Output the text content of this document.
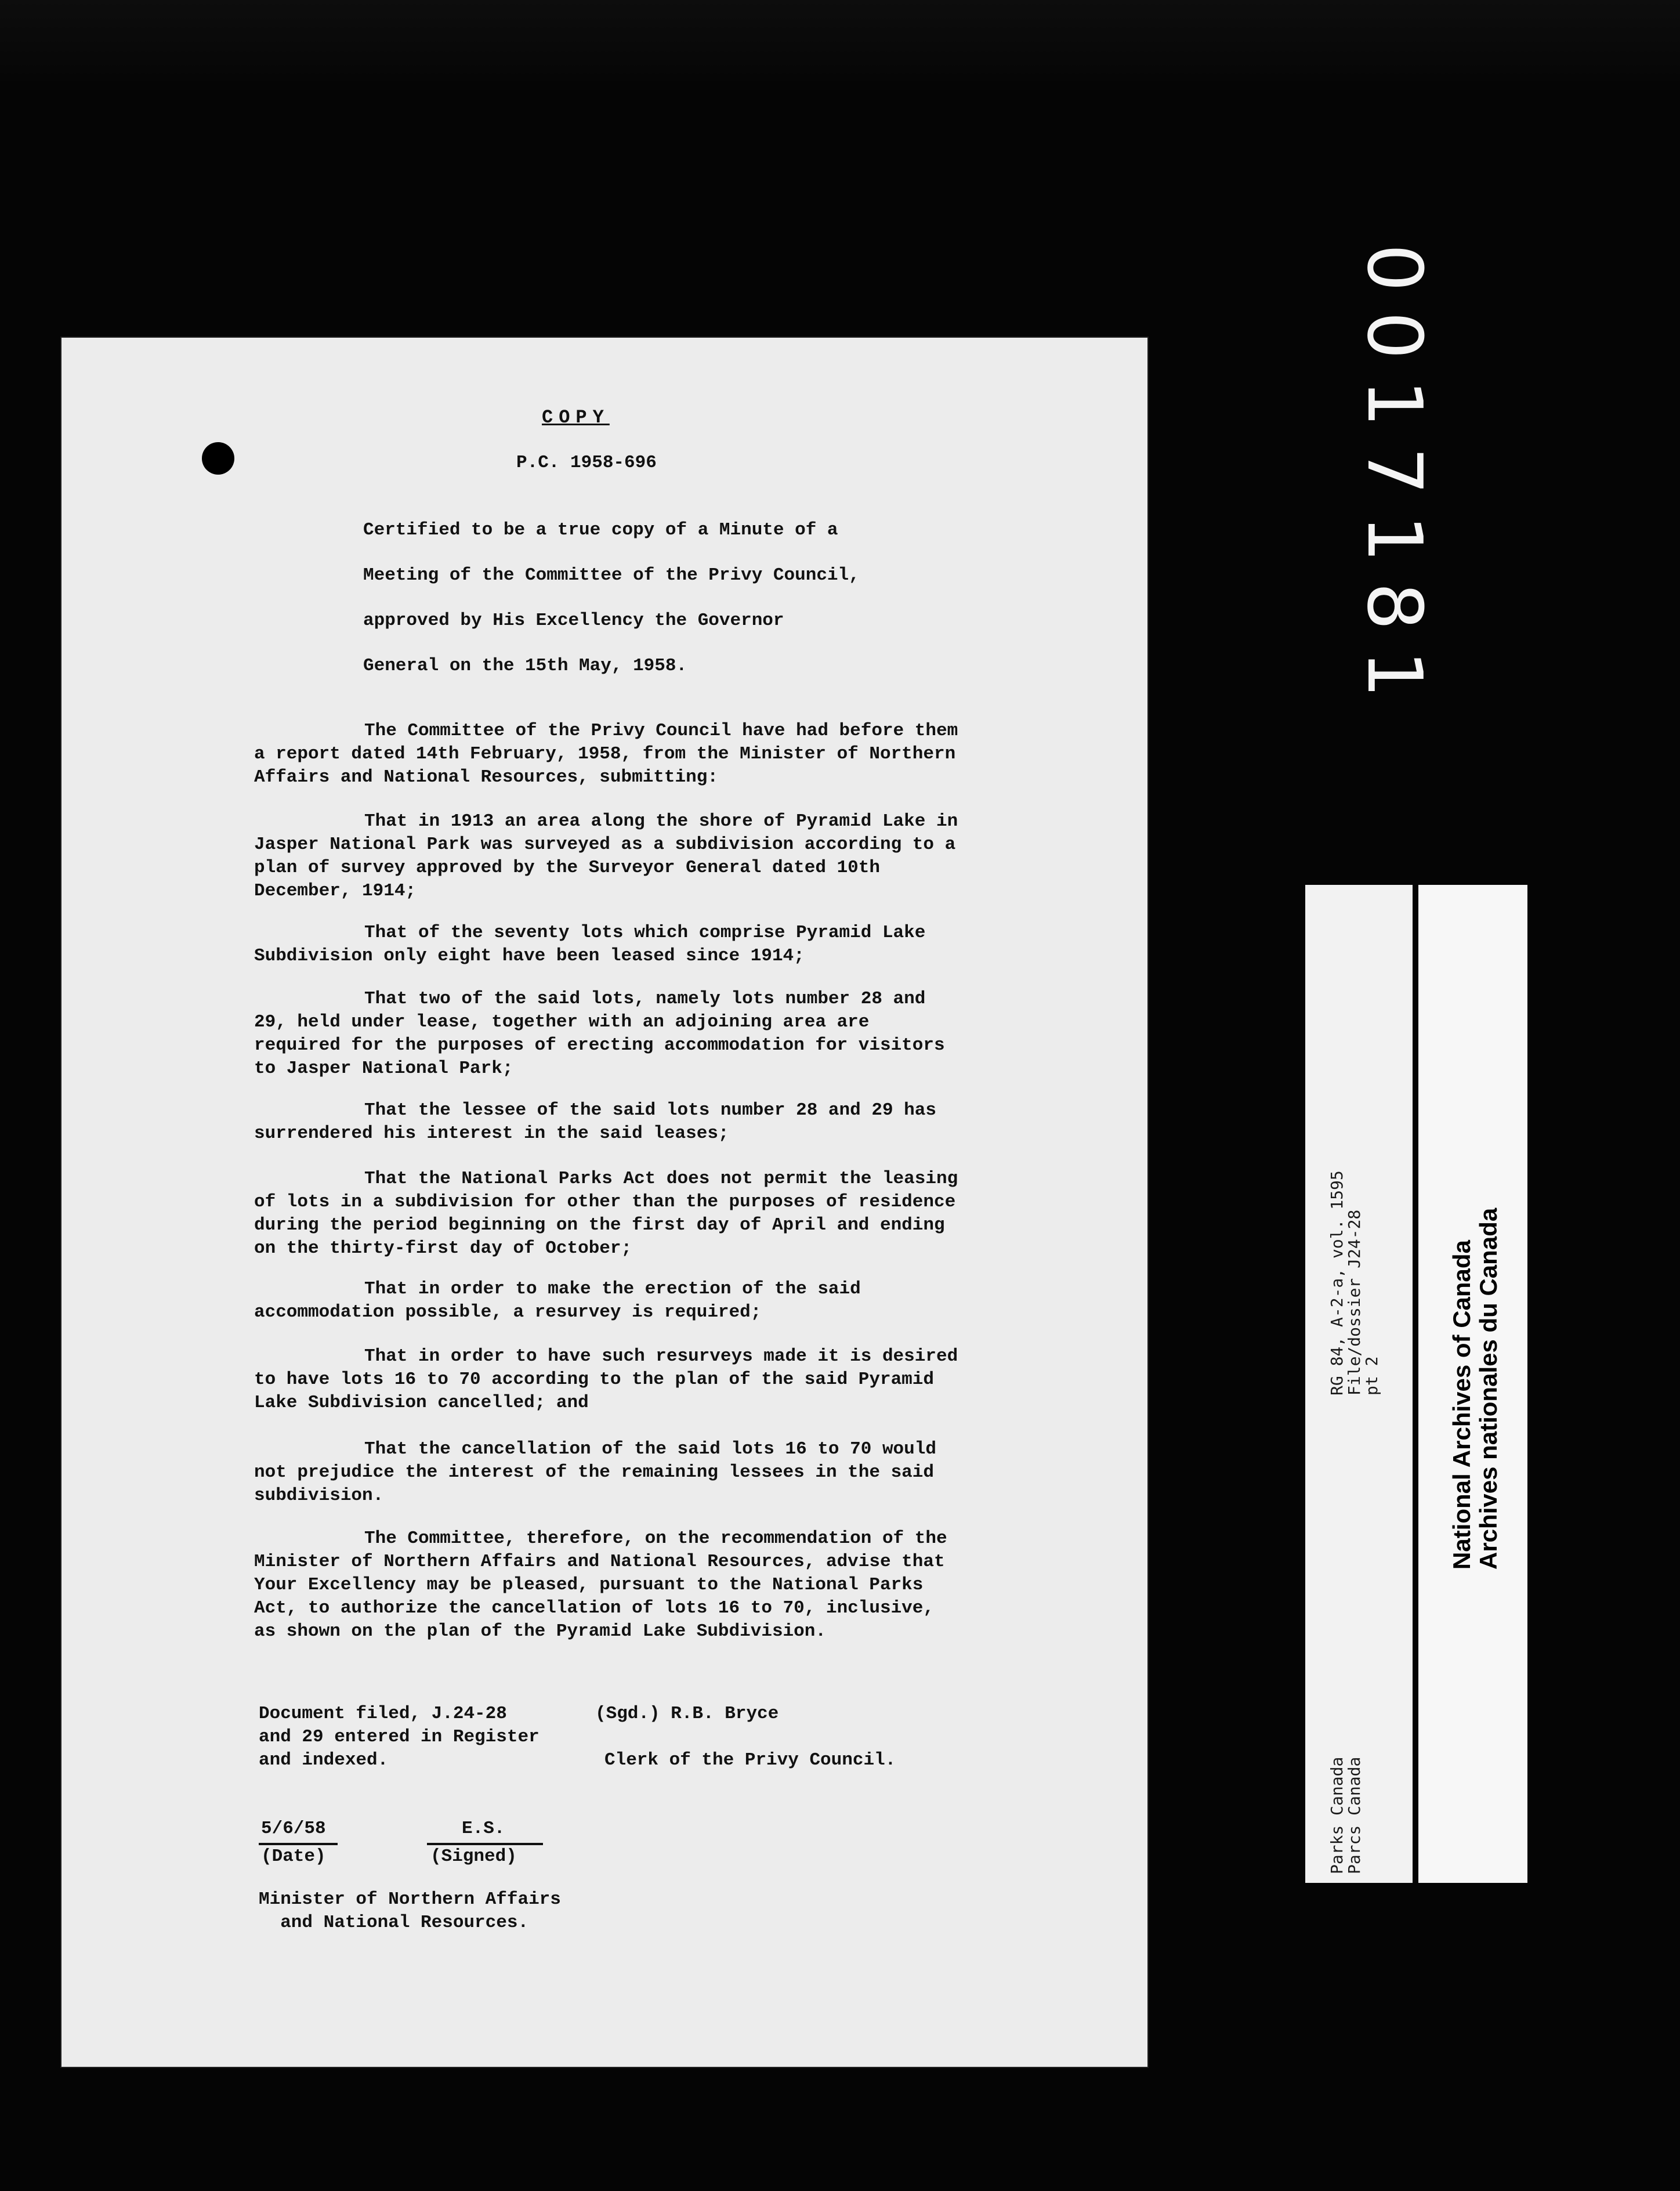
COPY
P.C. 1958-696
Certified to be a true copy of a Minute of a
Meeting of the Committee of the Privy Council,
approved by His Excellency the Governor
General on the 15th May, 1958.
The Committee of the Privy Council have had before them a report dated 14th February, 1958, from the Minister of Northern Affairs and National Resources, submitting:
That in 1913 an area along the shore of Pyramid Lake in Jasper National Park was surveyed as a subdivision according to a plan of survey approved by the Surveyor General dated 10th December, 1914;
That of the seventy lots which comprise Pyramid Lake Subdivision only eight have been leased since 1914;
That two of the said lots, namely lots number 28 and 29, held under lease, together with an adjoining area are required for the purposes of erecting accommodation for visitors to Jasper National Park;
That the lessee of the said lots number 28 and 29 has surrendered his interest in the said leases;
That the National Parks Act does not permit the leasing of lots in a subdivision for other than the purposes of residence during the period beginning on the first day of April and ending on the thirty-first day of October;
That in order to make the erection of the said accommodation possible, a resurvey is required;
That in order to have such resurveys made it is desired to have lots 16 to 70 according to the plan of the said Pyramid Lake Subdivision cancelled; and
That the cancellation of the said lots 16 to 70 would not prejudice the interest of the remaining lessees in the said subdivision.
The Committee, therefore, on the recommendation of the Minister of Northern Affairs and National Resources, advise that Your Excellency may be pleased, pursuant to the National Parks Act, to authorize the cancellation of lots 16 to 70, inclusive, as shown on the plan of the Pyramid Lake Subdivision.
Document filed, J.24-28
and 29 entered in Register
and indexed.
(Sgd.) R.B. Bryce
Clerk of the Privy Council.
5/6/58
(Date)
E.S.
(Signed)
Minister of Northern Affairs
and National Resources.
0017181
RG 84, A-2-a, vol. 1595
File/dossier J24-28
pt 2
Parks Canada
Parcs Canada
National Archives of Canada
Archives nationales du Canada
